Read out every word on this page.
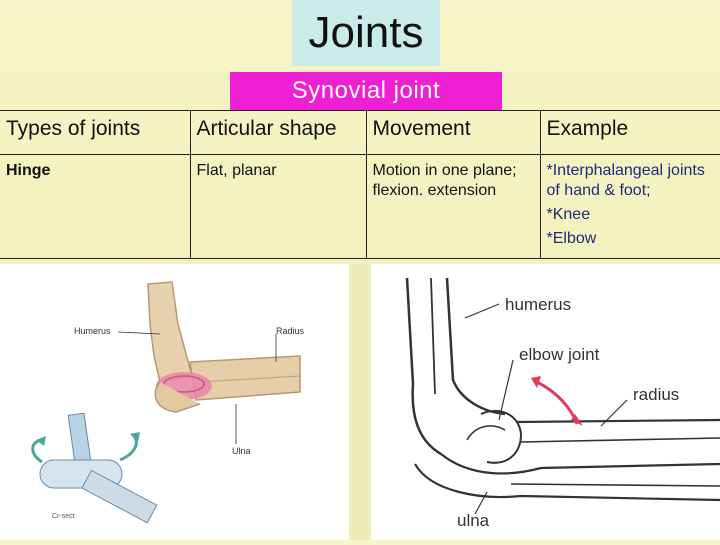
Joints
Synovial joint
Types of joints	Articular shape	Movement	Example
Hinge	Flat, planar	Motion in one plane; flexion. extension	*Interphalangeal joints of hand & foot;
*Knee
*Elbow
Humerus	Radius
Ulna
Cr-sect
humerus
elbow joint
radius
ulna
